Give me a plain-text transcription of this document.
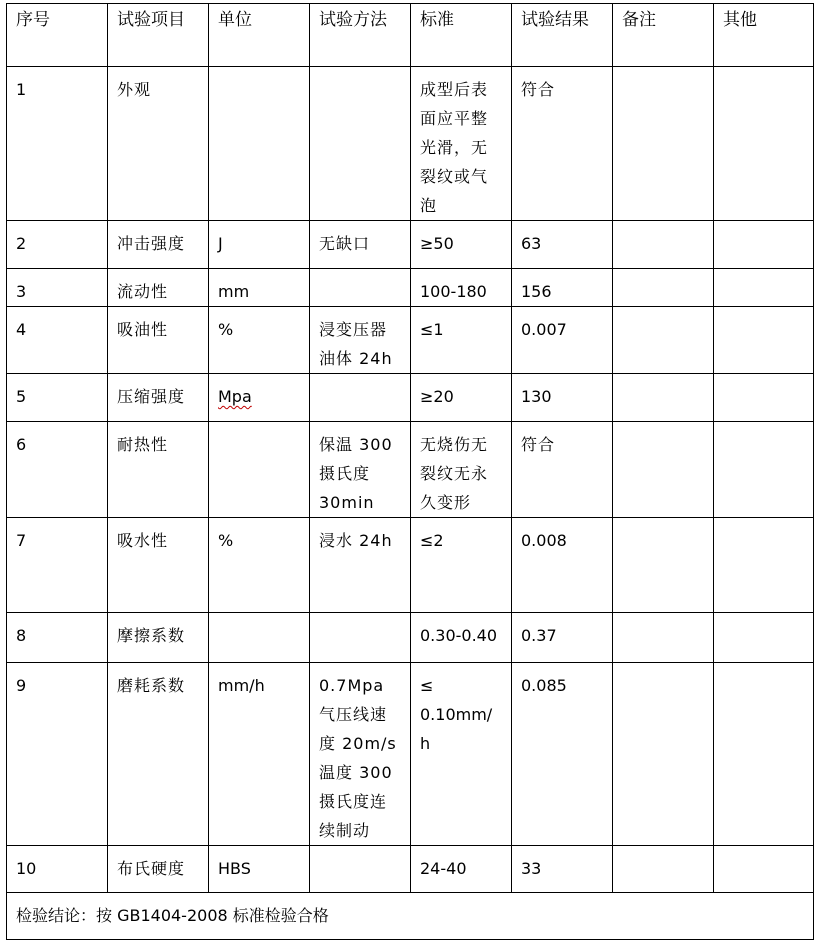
序号	试验项目	单位	试验方法	标准	试验结果	备注	其他
1	外观			成型后表面应平整光滑，无裂纹或气泡	符合		
2	冲击强度	J	无缺口	≥50	63		
3	流动性	mm		100-180	156		
4	吸油性	%	浸变压器油体 24h	≤1	0.007		
5	压缩强度	Mpa		≥20	130		
6	耐热性		保温 300 摄氏度 30min	无烧伤无裂纹无永久变形	符合		
7	吸水性	%	浸水 24h	≤2	0.008		
8	摩擦系数			0.30-0.40	0.37		
9	磨耗系数	mm/h	0.7Mpa 气压线速度 20m/s 温度 300 摄氏度连续制动	≤ 0.10mm/h	0.085		
10	布氏硬度	HBS		24-40	33		
检验结论：按 GB1404-2008 标准检验合格							
